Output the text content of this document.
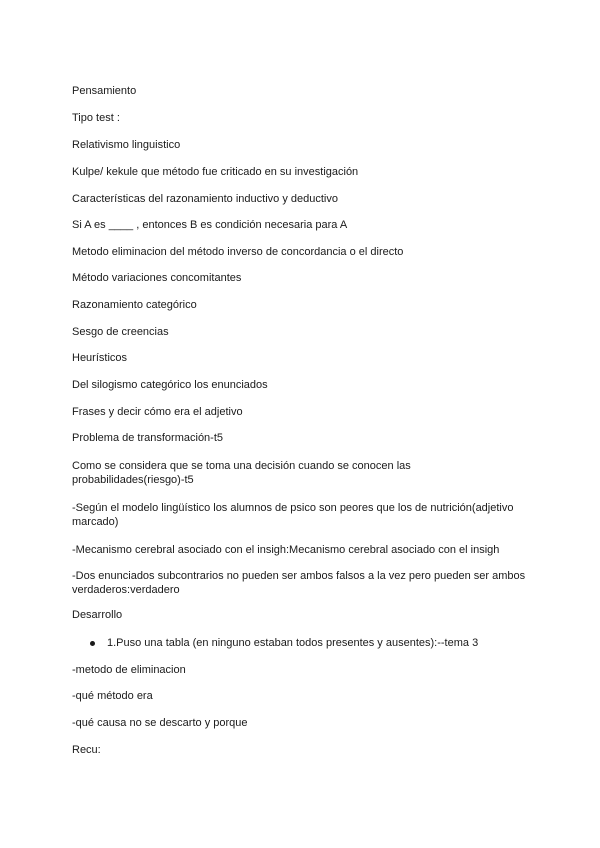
Pensamiento

Tipo test :

Relativismo linguistico

Kulpe/ kekule que método fue criticado en su investigación

Características del razonamiento inductivo y deductivo

Si A es ____ , entonces B es condición necesaria para A

Metodo eliminacion del método inverso de concordancia o el directo

Método variaciones concomitantes

Razonamiento categórico

Sesgo de creencias

Heurísticos

Del silogismo categórico los enunciados

Frases y decir cómo era el adjetivo

Problema de transformación-t5

Como se considera que se toma una decisión cuando se conocen las probabilidades(riesgo)-t5

-Según el modelo lingüístico los alumnos de psico son peores que los de nutrición(adjetivo marcado)

-Mecanismo cerebral asociado con el insigh:Mecanismo cerebral asociado con el insigh

-Dos enunciados subcontrarios no pueden ser ambos falsos a la vez pero pueden ser ambos verdaderos:verdadero

Desarrollo

1.Puso una tabla (en ninguno estaban todos presentes y ausentes):--tema 3

-metodo de eliminacion

-qué método era

-qué causa no se descarto y porque

Recu:
